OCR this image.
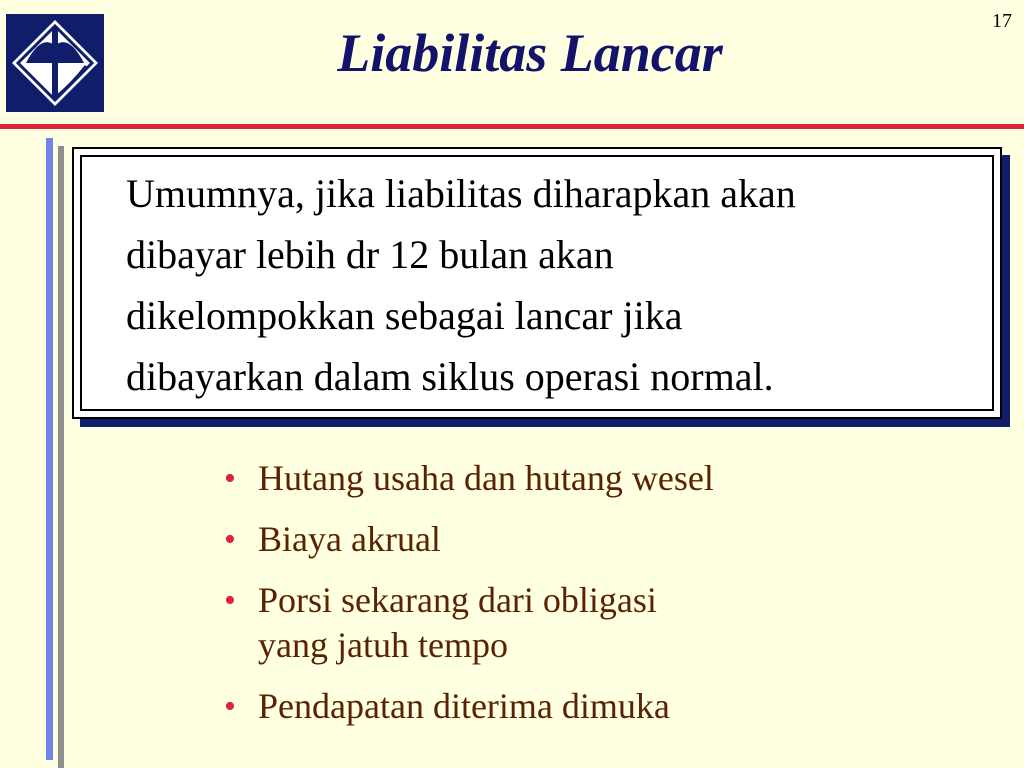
17
Liabilitas Lancar

Umumnya, jika liabilitas diharapkan akan
dibayar lebih dr 12 bulan akan
dikelompokkan sebagai lancar jika
dibayarkan dalam siklus operasi normal.

• Hutang usaha dan hutang wesel
• Biaya akrual
• Porsi sekarang dari obligasi
yang jatuh tempo
• Pendapatan diterima dimuka
